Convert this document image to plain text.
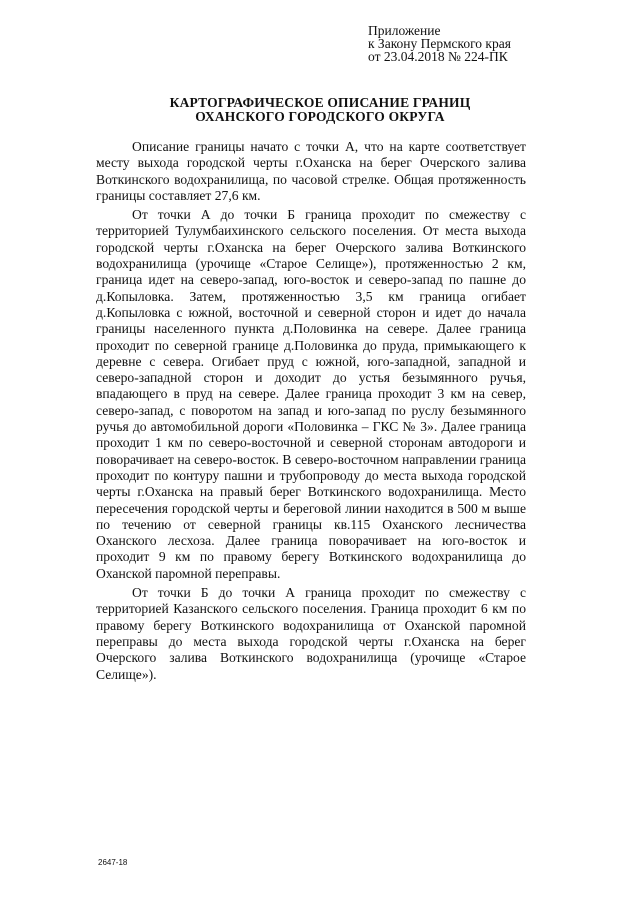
Приложение
к Закону Пермского края
от 23.04.2018 № 224-ПК
КАРТОГРАФИЧЕСКОЕ ОПИСАНИЕ ГРАНИЦ
ОХАНСКОГО ГОРОДСКОГО ОКРУГА

Описание границы начато с точки А, что на карте соответствует месту выхода городской черты г.Оханска на берег Очерского залива Воткинского водохранилища, по часовой стрелке. Общая протяженность границы составляет 27,6 км.

От точки А до точки Б граница проходит по смежеству с территорией Тулумбаихинского сельского поселения. От места выхода городской черты г.Оханска на берег Очерского залива Воткинского водохранилища (урочище «Старое Селище»), протяженностью 2 км, граница идет на северо-запад, юго-восток и северо-запад по пашне до д.Копыловка. Затем, протяженностью 3,5 км граница огибает д.Копыловка с южной, восточной и северной сторон и идет до начала границы населенного пункта д.Половинка на севере. Далее граница проходит по северной границе д.Половинка до пруда, примыкающего к деревне с севера. Огибает пруд с южной, юго-западной, западной и северо-западной сторон и доходит до устья безымянного ручья, впадающего в пруд на севере. Далее граница проходит 3 км на север, северо-запад, с поворотом на запад и юго-запад по руслу безымянного ручья до автомобильной дороги «Половинка – ГКС № 3». Далее граница проходит 1 км по северо-восточной и северной сторонам автодороги и поворачивает на северо-восток. В северо-восточном направлении граница проходит по контуру пашни и трубопроводу до места выхода городской черты г.Оханска на правый берег Воткинского водохранилища. Место пересечения городской черты и береговой линии находится в 500 м выше по течению от северной границы кв.115 Оханского лесничества Оханского лесхоза. Далее граница поворачивает на юго-восток и проходит 9 км по правому берегу Воткинского водохранилища до Оханской паромной переправы.

От точки Б до точки А граница проходит по смежеству с территорией Казанского сельского поселения. Граница проходит 6 км по правому берегу Воткинского водохранилища от Оханской паромной переправы до места выхода городской черты г.Оханска на берег Очерского залива Воткинского водохранилища (урочище «Старое Селище»).

2647-18
